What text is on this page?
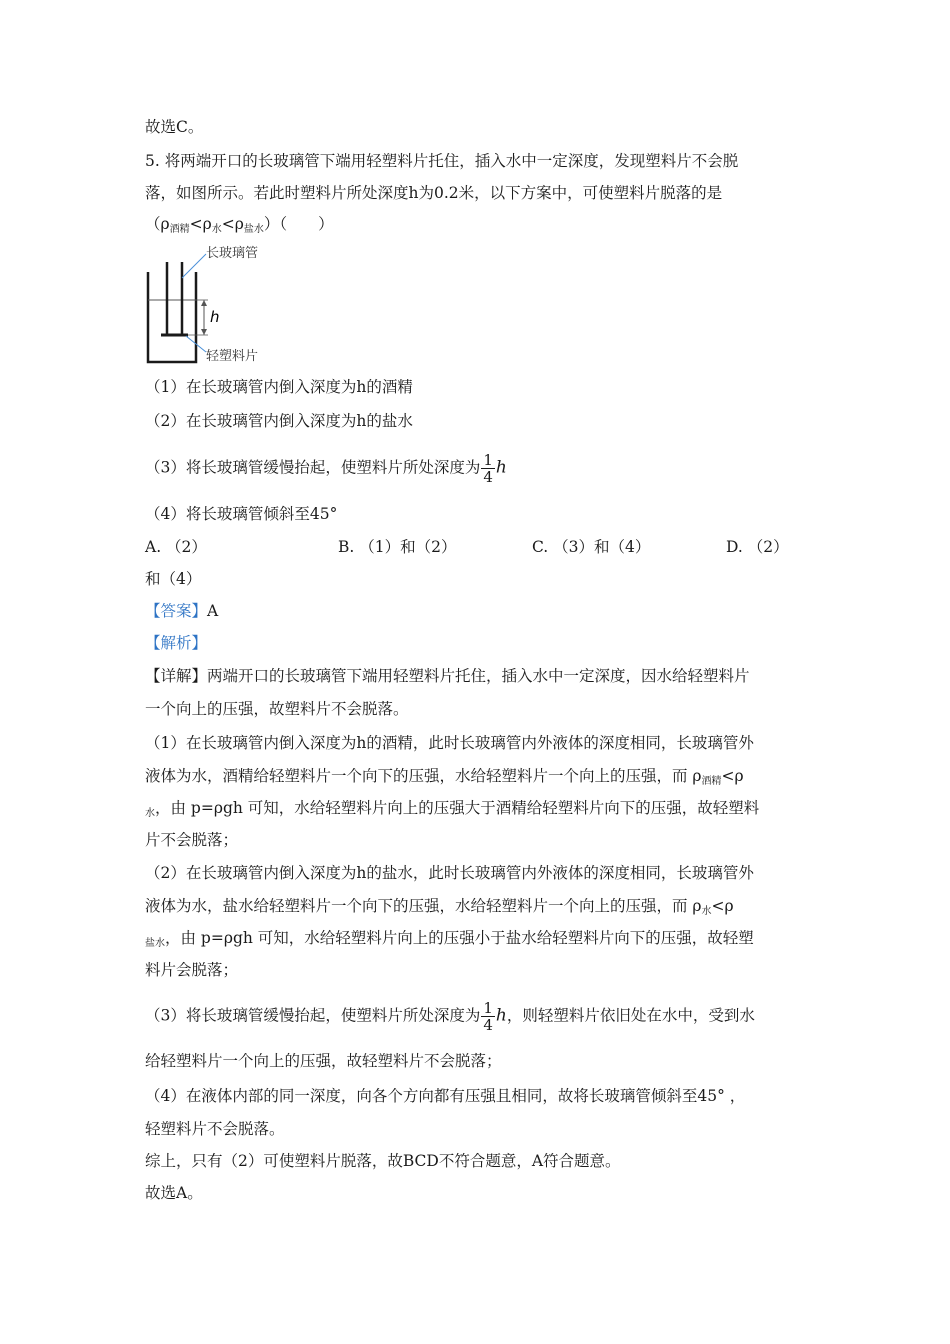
故选C。
5. 将两端开口的长玻璃管下端用轻塑料片托住，插入水中一定深度，发现塑料片不会脱
落，如图所示。若此时塑料片所处深度h为0.2米，以下方案中，可使塑料片脱落的是
$(\rho_{酒精}<\rho_水<\rho_{盐水})$（　　）
h
长玻璃管
轻塑料片
（1）在长玻璃管内倒入深度为h的酒精
（2）在长玻璃管内倒入深度为h的盐水
（3）将长玻璃管缓慢抬起，使塑料片所处深度为 $\frac{1}{4}$ h
（4）将长玻璃管倾斜至45°
A. （2）	B. （1）和（2）	C. （3）和（4）	D. （2）
和（4）
【答案】A
【解析】
【详解】两端开口的长玻璃管下端用轻塑料片托住，插入水中一定深度，因水给轻塑料片
一个向上的压强，故塑料片不会脱落。
（1）在长玻璃管内倒入深度为h的酒精，此时长玻璃管内外液体的深度相同，长玻璃管外
液体为水，酒精给轻塑料片一个向下的压强，水给轻塑料片一个向上的压强，而 $\rho_{酒精}<\rho$
$_水$，由 p=ρgh 可知，水给轻塑料片向上的压强大于酒精给轻塑料片向下的压强，故轻塑料
片不会脱落；
（2）在长玻璃管内倒入深度为h的盐水，此时长玻璃管内外液体的深度相同，长玻璃管外
液体为水，盐水给轻塑料片一个向下的压强，水给轻塑料片一个向上的压强，而 $\rho_水<\rho$
$_{盐水}$，由 p=ρgh 可知，水给轻塑料片向上的压强小于盐水给轻塑料片向下的压强，故轻塑
料片会脱落；
（3）将长玻璃管缓慢抬起，使塑料片所处深度为 $\frac{1}{4}$ h，则轻塑料片依旧处在水中，受到水
给轻塑料片一个向上的压强，故轻塑料片不会脱落；
（4）在液体内部的同一深度，向各个方向都有压强且相同，故将长玻璃管倾斜至45° ，
轻塑料片不会脱落。
综上，只有（2）可使塑料片脱落，故BCD不符合题意，A符合题意。
故选A。
